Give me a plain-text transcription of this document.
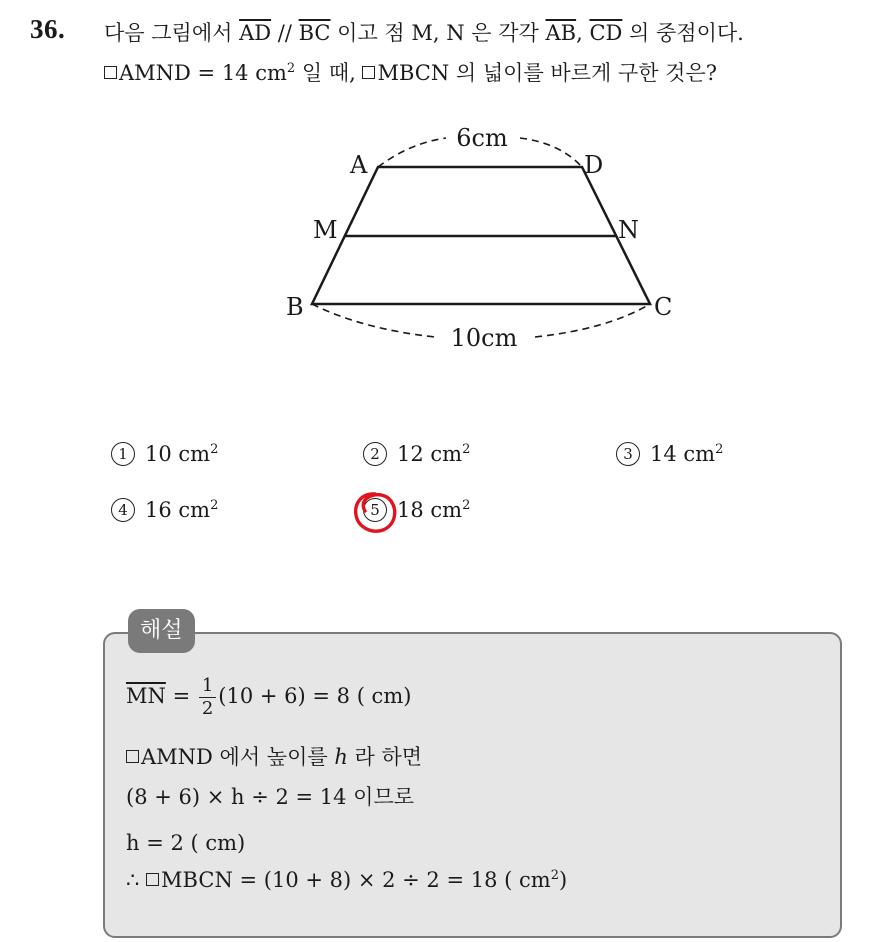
36. 다음 그림에서 $\overline{AD} // \overline{BC}$ 이고 점 M, N 은 각각 $\overline{AB}$, $\overline{CD}$ 의 중점이다.
AMND = 14 $cm^2$ 일 때, MBCN 의 넓이를 바르게 구한 것은?
A	D
M	N
B	C
6cm
10cm
1 10 $cm^2$	2 12 $cm^2$	3 14 $cm^2$
4 16 $cm^2$	5 18 $cm^2$
해설
$\overline{MN} = \frac{1}{2} (10 + 6) = 8$ ( cm)
AMND 에서 높이를 h 라 하면
(8 + 6) × h ÷ 2 = 14 이므로
h = 2 ( cm)
∴ MBCN = (10 + 8) × 2 ÷ 2 = 18 ( $cm^2$)
